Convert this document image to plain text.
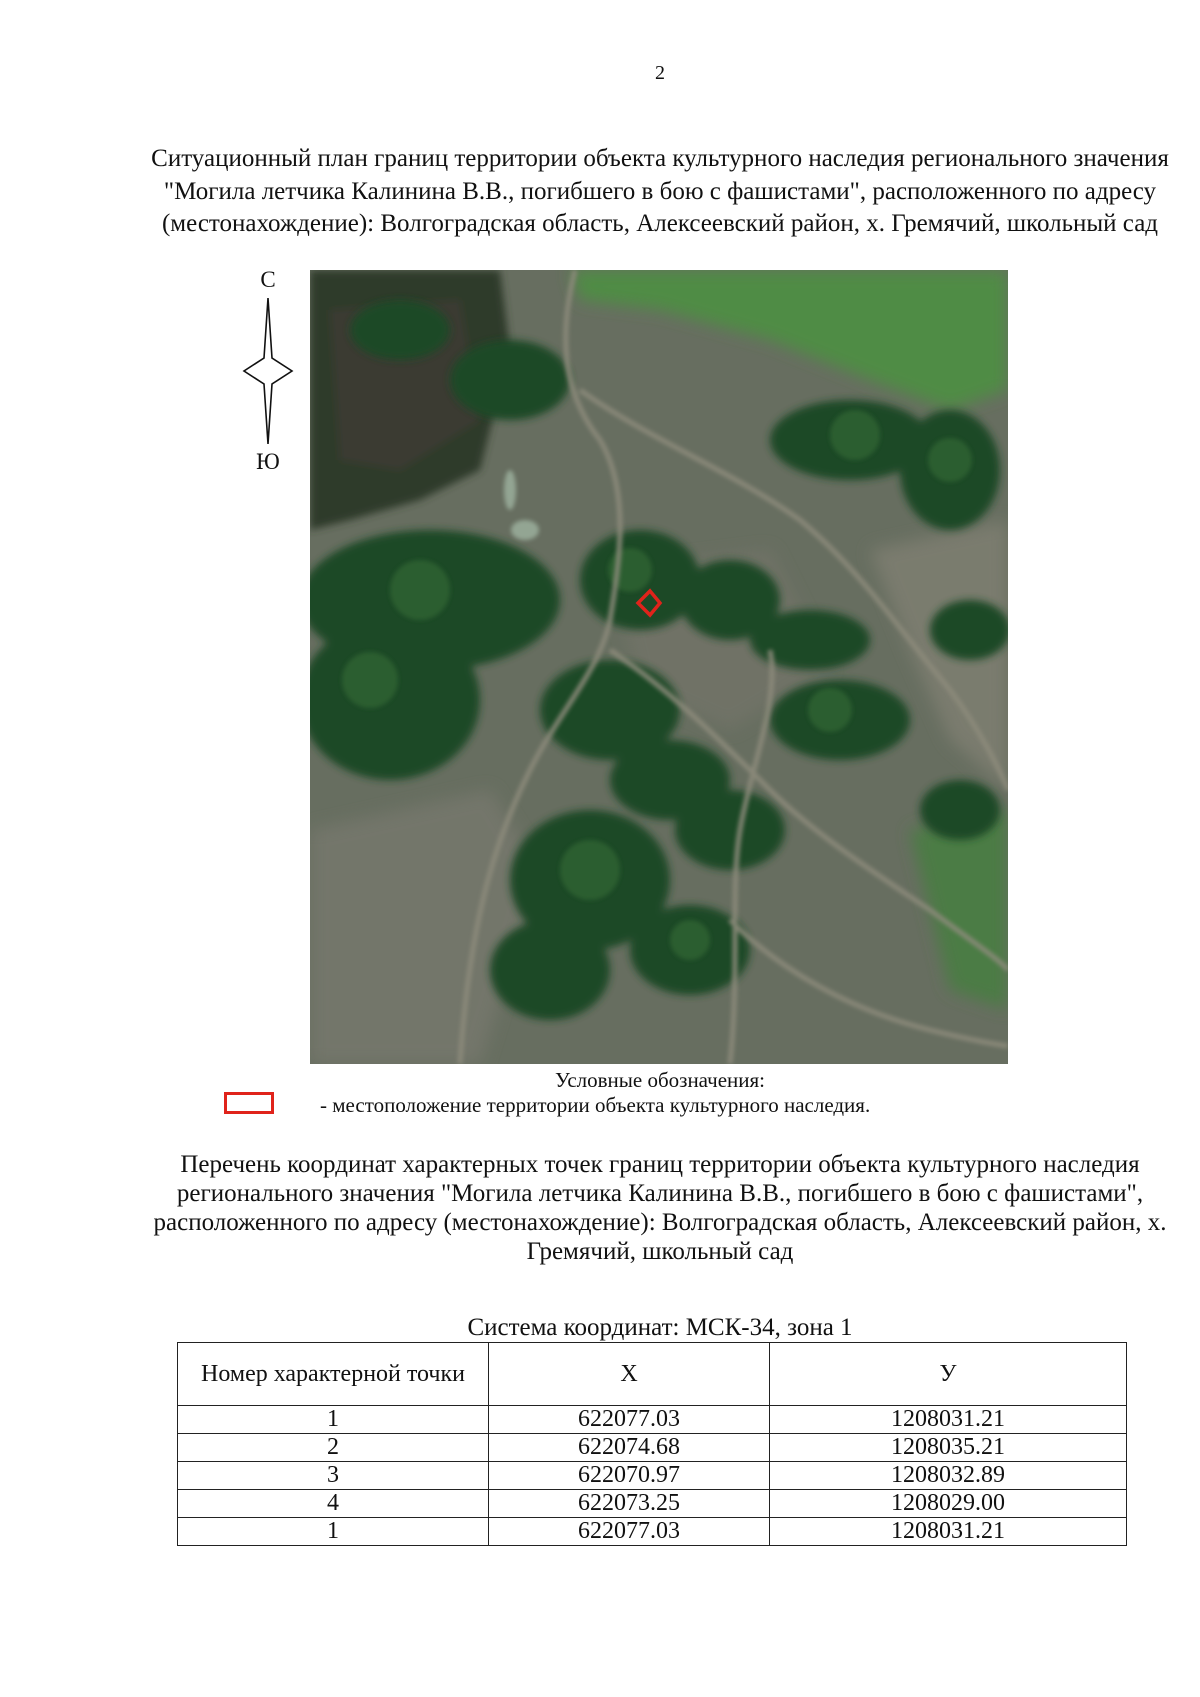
2
Ситуационный план границ территории объекта культурного наследия регионального значения "Могила летчика Калинина В.В., погибшего в бою с фашистами", расположенного по адресу (местонахождение): Волгоградская область, Алексеевский район, х. Гремячий, школьный сад
С
Ю
Условные обозначения:
- местоположение территории объекта культурного наследия.
Перечень координат характерных точек границ территории объекта культурного наследия регионального значения "Могила летчика Калинина В.В., погибшего в бою с фашистами", расположенного по адресу (местонахождение): Волгоградская область, Алексеевский район, х. Гремячий, школьный сад
Система координат: МСК-34, зона 1
Номер характерной точки	Х	У
1	622077.03	1208031.21
2	622074.68	1208035.21
3	622070.97	1208032.89
4	622073.25	1208029.00
1	622077.03	1208031.21
